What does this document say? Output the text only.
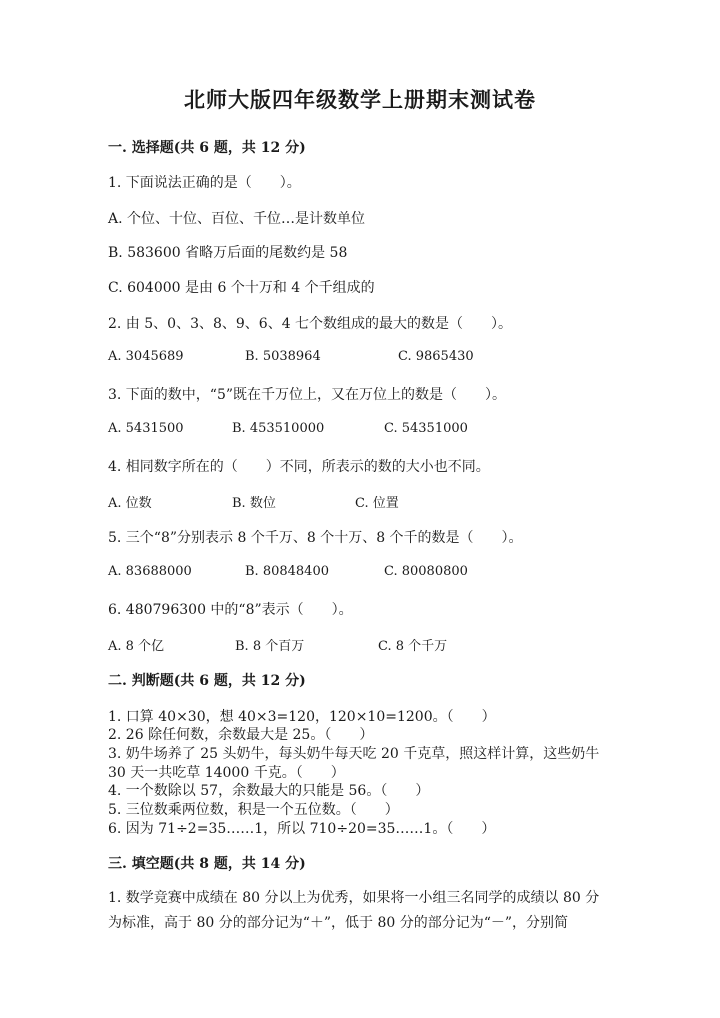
北师大版四年级数学上册期末测试卷
一. 选择题(共 6 题，共 12 分)
1. 下面说法正确的是（　　）。
A. 个位、十位、百位、千位…是计数单位
B. 583600 省略万后面的尾数约是 58
C. 604000 是由 6 个十万和 4 个千组成的
2. 由 5、0、3、8、9、6、4 七个数组成的最大的数是（　　）。
A. 3045689	B. 5038964	C. 9865430
3. 下面的数中，“5”既在千万位上，又在万位上的数是（　　）。
A. 5431500	B. 453510000	C. 54351000
4. 相同数字所在的（　　）不同，所表示的数的大小也不同。
A. 位数	B. 数位	C. 位置
5. 三个“8”分别表示 8 个千万、8 个十万、8 个千的数是（　　）。
A. 83688000	B. 80848400	C. 80080800
6. 480796300 中的“8”表示（　　）。
A. 8 个亿	B. 8 个百万	C. 8 个千万
二. 判断题(共 6 题，共 12 分)
1. 口算 40×30，想 40×3=120，120×10=1200。（　　）
2. 26 除任何数，余数最大是 25。（　　）
3. 奶牛场养了 25 头奶牛，每头奶牛每天吃 20 千克草，照这样计算，这些奶牛
30 天一共吃草 14000 千克。（　　）
4. 一个数除以 57，余数最大的只能是 56。（　　）
5. 三位数乘两位数，积是一个五位数。（　　）
6. 因为 71÷2=35……1，所以 710÷20=35……1。（　　）
三. 填空题(共 8 题，共 14 分)
1. 数学竞赛中成绩在 80 分以上为优秀，如果将一小组三名同学的成绩以 80 分
为标准，高于 80 分的部分记为“＋”，低于 80 分的部分记为“－”，分别简
